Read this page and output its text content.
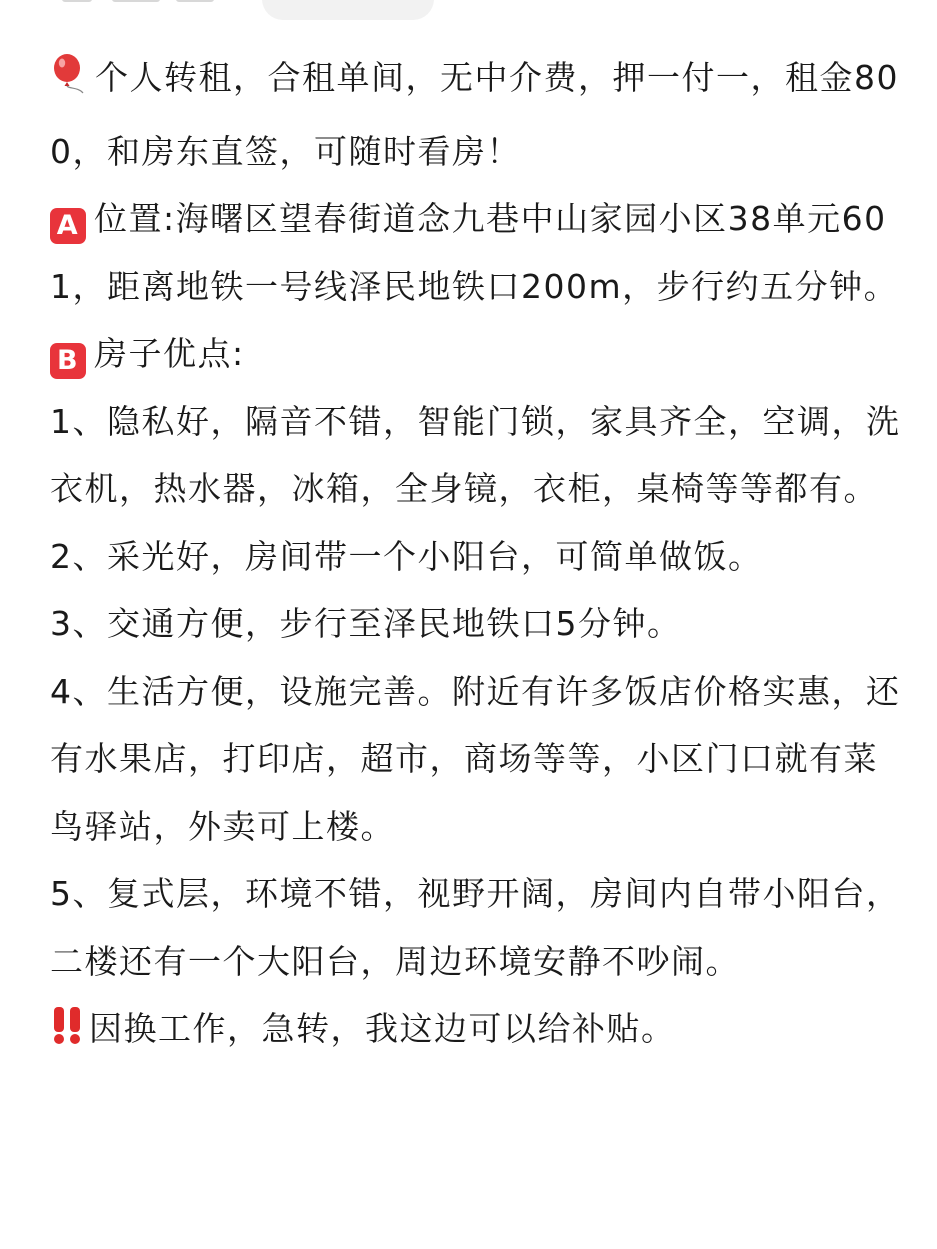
个人转租，合租单间，无中介费，押一付一，租金800，和房东直签，可随时看房！

A 位置:海曙区望春街道念九巷中山家园小区38单元601，距离地铁一号线泽民地铁口200m，步行约五分钟。

B 房子优点:

1、隐私好，隔音不错，智能门锁，家具齐全，空调，洗衣机，热水器，冰箱，全身镜，衣柜，桌椅等等都有。

2、采光好，房间带一个小阳台，可简单做饭。

3、交通方便，步行至泽民地铁口5分钟。

4、生活方便，设施完善。附近有许多饭店价格实惠，还有水果店，打印店，超市，商场等等，小区门口就有菜鸟驿站，外卖可上楼。

5、复式层，环境不错，视野开阔，房间内自带小阳台，二楼还有一个大阳台，周边环境安静不吵闹。

因换工作，急转，我这边可以给补贴。
